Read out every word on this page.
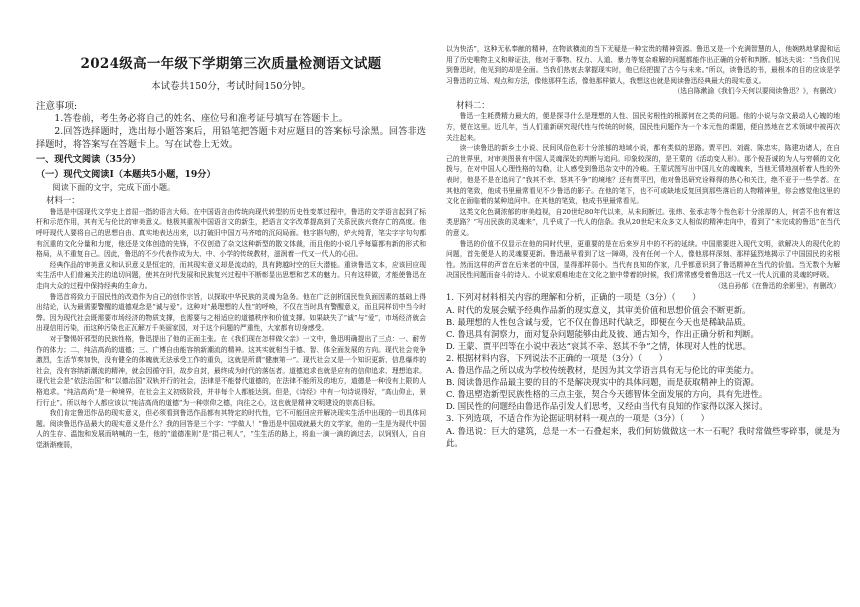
2024级高一年级下学期第三次质量检测语文试题
本试卷共150分，考试时间150分钟。
注意事项:

1.答卷前，考生务必将自己的姓名、座位号和准考证号填写在答题卡上。

2.回答选择题时，选出每小题答案后，用铅笔把答题卡对应题目的答案标号涂黑。回答非选择题时，将答案写在答题卡上。写在试卷上无效。

一、现代文阅读（35分）
（一）现代文阅读Ⅰ（本题共5小题，19分）

阅读下面的文字，完成下面小题。

材料一：

鲁迅是中国现代文学史上首屈一指的语言大师。在中国语言由传统向现代转型的历史性变革过程中，鲁迅的文学语言起到了标杆和示范作用，其有无与伦比的审美意义。他极其重视中国语言文的新生，把语言文字改革提高到了关系民族兴衰存亡的高度。他呼吁现代人要将自己的思想自由、真实地表达出来，以打破旧中国万马齐喑的沉闷局面。他字斟句酌，炉火纯青，笔尖字字句句都有沉重的文化分量和力度，他还是文体创造的先锋，不仅创造了杂文这种新型的散文体裁，而且他的小说几乎每篇都有新的形式和格局，从不重复自己。因此，鲁迅的不少代表作成为大、中、小学的传统教材，滋润着一代又一代人的心田。

经典作品的审美意义和认识意义是恒定的，而其现实意义却是流动的，具有跨越时空的巨大潜能。重读鲁迅文本，应该回应现实生活中人们普遍关注的追切问题，使其在时代发展和民族复兴过程中不断彰显出思想和艺术的魅力。只有这样做，才能使鲁迅在走向大众的过程中保持经典的生命力。

鲁迅首将致力于国民性的改造作为自己的创作宗旨，以探取中华民族的灵魂为急务。他在广泛剖析国民性负面因素的基础上得出结论，认为最需要警醒的道德观念是“诚与爱”。这种对“最理想的人性”的呼唤，不仅在当时具有警醒意义，而且同样切中当今时弊。因为现代社会既需要市场经济的物质支撑，也需要与之相适应的道德秩序和价值支撑。如果缺失了“诚”与“爱”，市场经济就会出现信用污染，而这种污染也正瓦解万千美丽家园，对于这个问题的严重性，大家都有切身感受。

对于警惕奸邪型的民族性格，鲁迅提出了他的正面主张。在《我们现在怎样做父亲》一文中，鲁迅明确提出了三点：一、耐劳作的体力；二、纯洁高尚的道德；三、广博自由能容纳新潮流的精神。这其实就相当于德、智、体全面发展的方向。现代社会竞争激烈，生活节奏加快，没有健全的体魄就无法承受工作的重负，这就是所谓“健康第一”。现代社会又是一个知识更新、信息爆炸的社会，没有容纳新潮流的精神，就会因循守旧，故步自封，最终成为时代的落伍者。道德追求也就是应有的信仰追求、理想追求。现代社会是“依法治国”和“以德治国”双轨并行的社会，法律是不能替代道德的，在法律不能所及的地方，道德是一种没有上限的人格追求。“纯洁高尚”是一种境界，在社会主义初级阶段，并非每个人都能达到。但是，《诗经》中有一句诗说得好，“高山仰止，景行行止”。所以每个人都应该以“纯洁高尚的道德”为一种崇仰之德，向往之心，这也就是精神文明建设的崇高目标。

我们肯定鲁迅作品的现实意义，但必须看到鲁迅作品都有其特定的时代性，它不可能回应并解决现实生活中出现的一切具体问题。阅读鲁迅作品最大的现实意义是什么？我的回答是三个字：“学做人！”鲁迅是中国成就最大的文学家，他的一生是为现代中国人的生存、温饱和发展而呐喊的一生，他的“道德准则”是“捐己利人”，“生生活的路上，将血一滴一滴的滴过去，以饲别人，自自觉渐渐瘦弱，

以为快活”，这种无私奉献的精神，在物欲横流的当下无疑是一种宝贵的精神资源。鲁迅又是一个充满智慧的人，他娴熟地掌握和运用了历史唯物主义和辩证法，他对于事物、权力、人道、暴力等复杂难解的问题都能作出正确的分析和判断。郁达夫说：“当我们见到鲁迅时，他见到的却是全面。当我们热衷去掌握现实时，他已经把握了古今与未来。”所以，读鲁迅的书，最根本的目的应该是学习鲁迅的立场、观点和方法，像他那样生活，像他那样做人，我想这也就是阅读鲁迅经典最大的现实意义。

（选自陈漱渝《我们今天何以要阅读鲁迅？》，有删改）

材料二：

鲁迅一生耗费精力最大的，便是探寻什么是理想的人性、国民劣根性的根源何在之类的问题。他的小说与杂文最动人心魄的地方，便在这里。近几年，当人们重新研究现代性与传统的时候，国民性问题作为一个本元性的课题，便自然地在艺术领域中被再次关注起来。

读一读鲁迅的新乡土小说、民间风俗色彩十分浓郁的地域小说，都有类似的思路。贾平凹、刘震、陈忠实，陈建功诸人，在自己的世界里，对审美图景有中国人灵魂深处的判断与追问。印象较深的，是王蒙的《活动变人形》。那个倪吾诚的为人与穷顿的文化拨与，在对中国人心理性格的勾勒，让人感受到鲁迅杂文中的冷峻。王蒙试图写出中国儿女的魂魄来，当他无情地剖析着人性的外表时，他是不是在追问了“我其不幸、怒其不争”的境地？还有贾平凹，他对鲁迅研究诠释得的热心和关注，绝不亚于一些学者。在其他的笔致，他成书里最常看见不少鲁迅的影子。在他的笔下，也不可或缺地反复回到那些落后的人物精神里，你会感觉他这里的文化在面临着的某种追问中。在其他的笔致，他成书里最常看见。

这类文化色调浓郁的审美趋视，自20世纪80年代以来，从未间断过。张炜、张承志等个性色彩十分浓厚的人，何尝不也有着这类思路？“写出民族的灵魂来”，几乎成了一代人的信条。我从20世纪末众多文人相似的精神走向中，看到了“未完成的鲁迅”在当代的意义。

鲁迅的价值不仅显示在他的同时代里，更重要的是在后来岁月中的不朽的延续。中国需要进入现代文明，欲解决人的现代化的问题，首先便是人的灵魂要更新。鲁迅最早看到了这一障碍，没有任何一个人，像他那样深刻、那样猛烈地揭示了中国国民的劣根性。然而这样的声音在后来者的中国，显得那样弱小。当代有良知的作家，几乎都意识到了鲁迅精神在当代的价值。当无数个为解决国民性问题而奋斗的诗人、小说家艰难地走在文化之旅中带着的时候，我们常常感受着鲁迅这一代又一代人沉重的灵魂的呼吸。

（选自孙郁《在鲁迅的余影里》，有删改）

1. 下列对材料相关内容的理解和分析，正确的一项是（3分）（　　）

A. 时代的发展会赋予经典作品新的现实意义，其审美价值和思想价值会不断更新。

B. 最理想的人性包含诚与爱，它不仅在鲁迅时代缺乏，即便在今天也是稀缺品质。

C. 鲁迅具有洞察力，面对复杂问题能够由此及彼、通古知今，作出正确分析和判断。

D. 王蒙、贾平凹等在小说中表达“哀其不幸、怒其不争”之情，体现对人性的忧思。

2. 根据材料内容，下列说法不正确的一项是（3分）（　　）

A. 鲁迅作品之所以成为学校传统教材，是因为其文学语言具有无与伦比的审美能力。

B. 阅读鲁迅作品最主要的目的不是解决现实中的具体问题，而是获取精神上的资源。

C. 鲁迅塑造新型民族性格的三点主张，契合今天德智体全面发展的方向，具有先进性。

D. 国民性的问题经由鲁迅作品引发人们思考，又经由当代有良知的作家得以深入探讨。

3. 下列选项，不适合作为论据证明材料一观点的一项是（3分）（　　）

A. 鲁迅说：巨大的建筑，总是一木一石叠起来，我们何妨做做这一木一石呢？我时常做些零碎事，就是为此。
